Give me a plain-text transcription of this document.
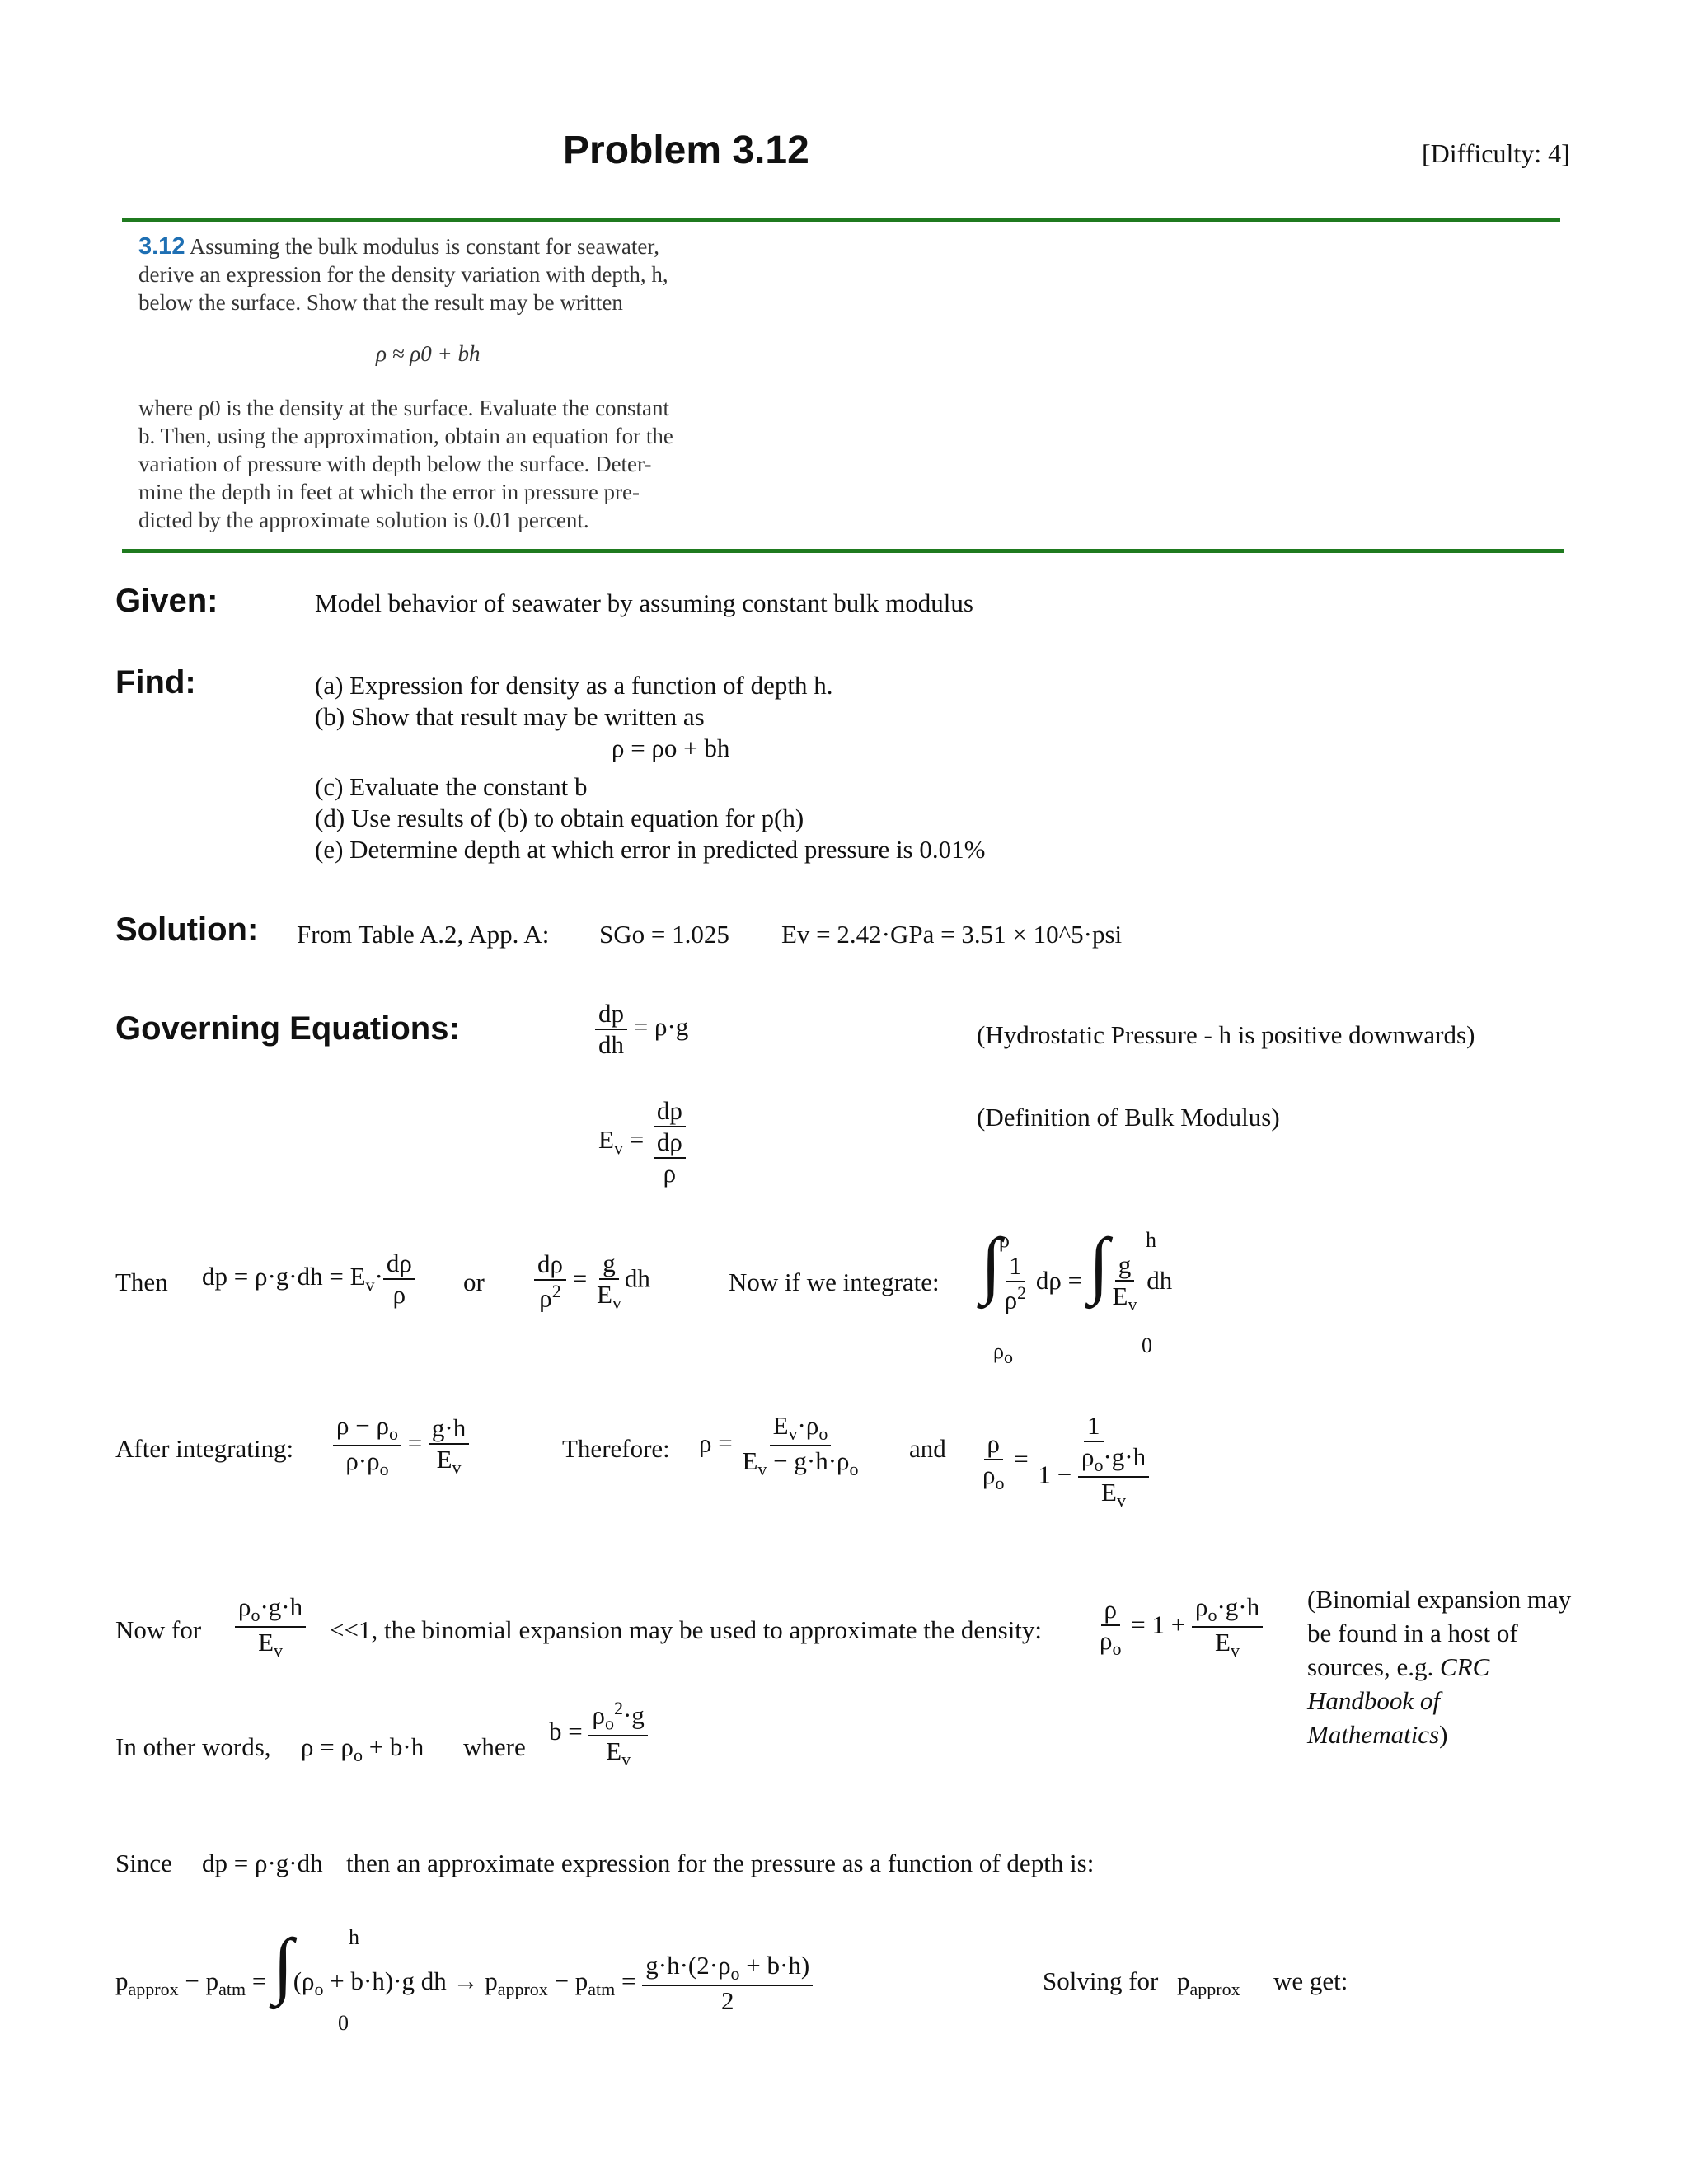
Problem 3.12	[Difficulty: 4]
3.12 Assuming the bulk modulus is constant for seawater,
derive an expression for the density variation with depth, h,
below the surface. Show that the result may be written
ρ ≈ ρ0 + bh
where ρ0 is the density at the surface. Evaluate the constant
b. Then, using the approximation, obtain an equation for the
variation of pressure with depth below the surface. Deter-
mine the depth in feet at which the error in pressure pre-
dicted by the approximate solution is 0.01 percent.
Given:	Model behavior of seawater by assuming constant bulk modulus
Find:	(a) Expression for density as a function of depth h.
(b) Show that result may be written as
ρ = ρo + bh
(c) Evaluate the constant b
(d) Use results of (b) to obtain equation for p(h)
(e) Determine depth at which error in predicted pressure is 0.01%
Solution: From Table A.2, App. A: SGo = 1.025 Ev = 2.42·GPa = 3.51 × 10^5·psi
Governing Equations:	$\frac{dp}{dh} = \rho\cdot g$	(Hydrostatic Pressure - h is positive downwards)
$E_v = \frac{dp}{\frac{d\rho}{\rho}}$	(Definition of Bulk Modulus)
Then dp = $\rho\cdot g\cdot dh = E_v\cdot \frac{d\rho}{\rho}$ or $\frac{d\rho}{\rho^2} = \frac{g}{E_v}$ dh	Now if we integrate: ∫ $\frac{1}{\rho^2}$ dρ = ∫ $\frac{g}{E_v}$ dh
ρ
$\rho_o$
h
0
After integrating: $\frac{\rho - \rho_o}{\rho\cdot\rho_o} = \frac{g\cdot h}{E_v}$	Therefore: $\rho = \frac{E_v\cdot\rho_o}{E_v - g\cdot h\cdot\rho_o}$ and $\frac{\rho}{\rho_o} = \frac{1}{1 - \frac{\rho_o\cdot g\cdot h}{E_v}}$
Now for $\frac{\rho_o\cdot g\cdot h}{E_v} <<1$, the binomial expansion may be used to approximate the density: $\frac{\rho}{\rho_o} = 1 + \frac{\rho_o\cdot g\cdot h}{E_v}$ (Binomial expansion may
be found in a host of
sources, e.g. CRC
Handbook of
Mathematics)
In other words, $\rho = \rho_o + b\cdot h$ where
$b = \frac{\rho_o^2\cdot g}{E_v}$
Since dp = ρ·g·dh then an approximate expression for the pressure as a function of depth is:
$p_{approx} - p_{atm} = \int(\rho_o + b\cdot h)\cdot g$ dh → $p_{approx} - p_{atm} = \frac{g\cdot h\cdot(2\cdot\rho_o + b\cdot h)}{2}$
h
0
Solving for $p_{approx}$ we get:
